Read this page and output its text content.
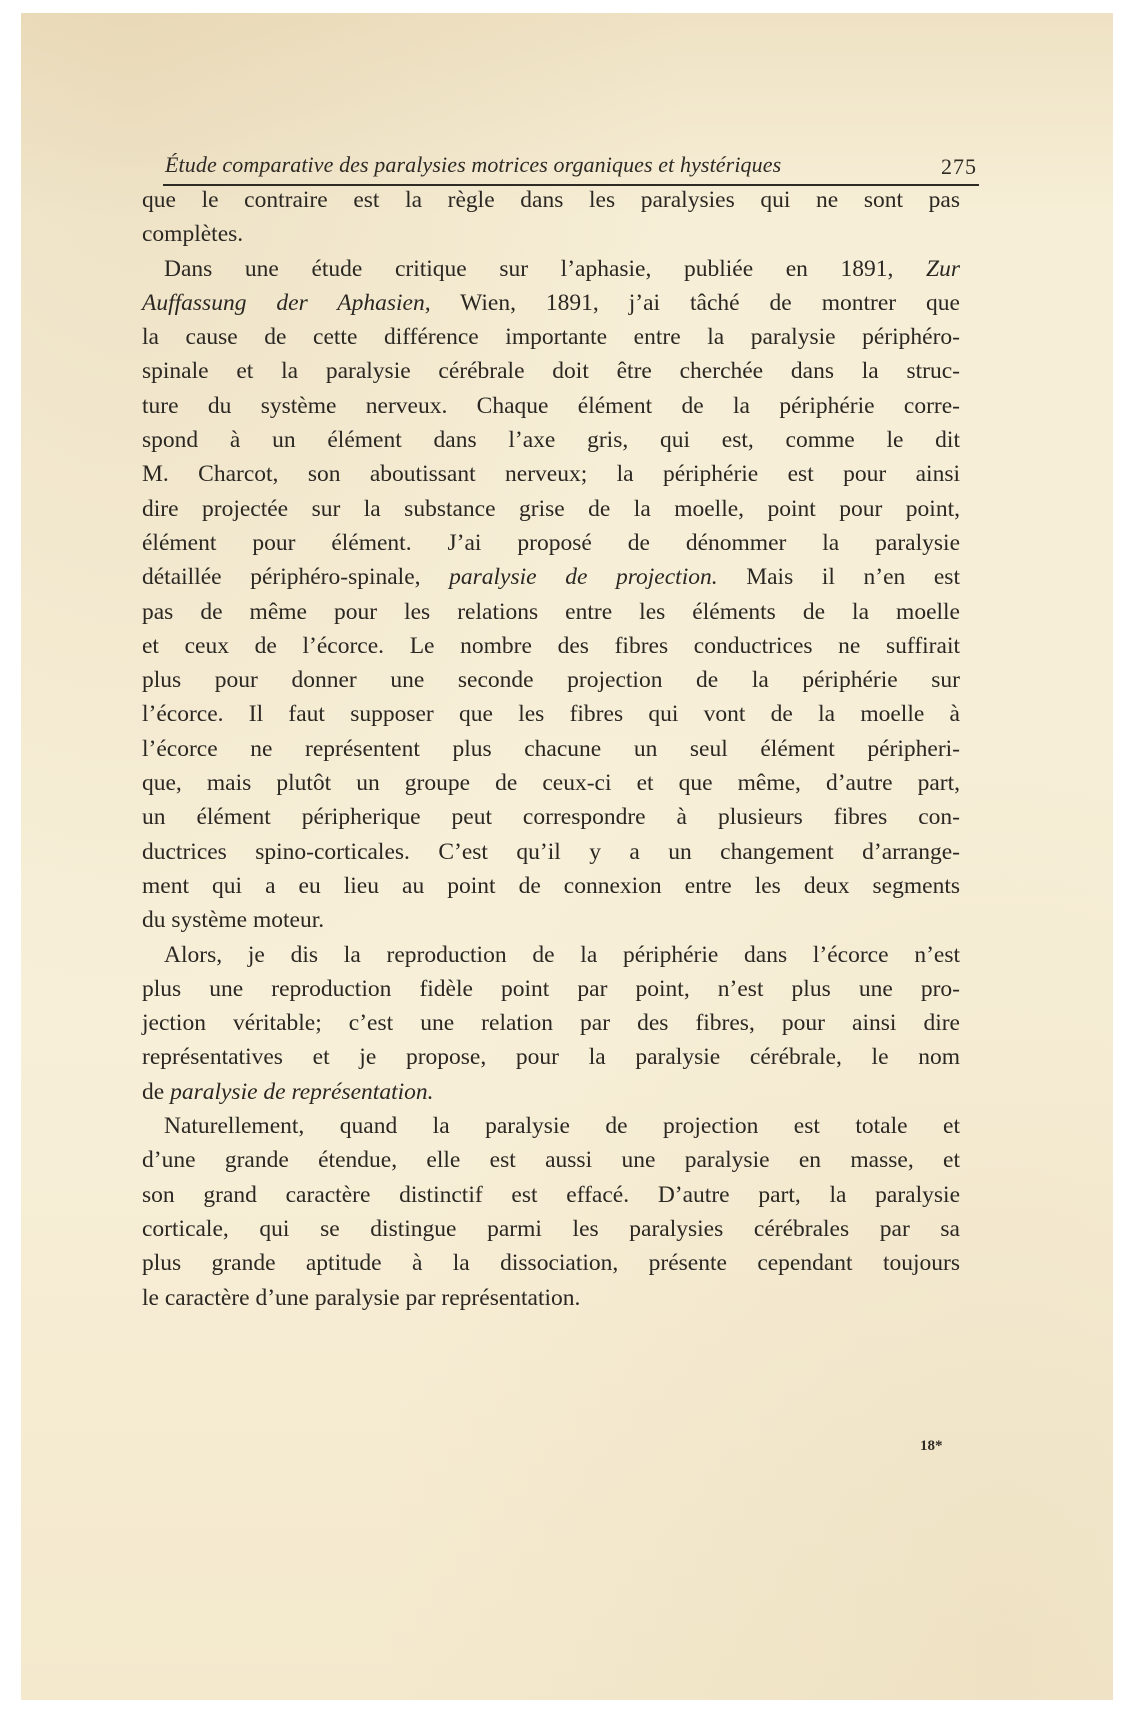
Étude comparative des paralysies motrices organiques et hystériques	275
que le contraire est la règle dans les paralysies qui ne sont pas
complètes.
Dans une étude critique sur l’aphasie, publiée en 1891, Zur
Auffassung der Aphasien, Wien, 1891, j’ai tâché de montrer que
la cause de cette différence importante entre la paralysie périphéro-
spinale et la paralysie cérébrale doit être cherchée dans la struc-
ture du système nerveux. Chaque élément de la périphérie corre-
spond à un élément dans l’axe gris, qui est, comme le dit
M. Charcot, son aboutissant nerveux; la périphérie est pour ainsi
dire projectée sur la substance grise de la moelle, point pour point,
élément pour élément. J’ai proposé de dénommer la paralysie
détaillée périphéro-spinale, paralysie de projection. Mais il n’en est
pas de même pour les relations entre les éléments de la moelle
et ceux de l’écorce. Le nombre des fibres conductrices ne suffirait
plus pour donner une seconde projection de la périphérie sur
l’écorce. Il faut supposer que les fibres qui vont de la moelle à
l’écorce ne représentent plus chacune un seul élément péripheri-
que, mais plutôt un groupe de ceux-ci et que même, d’autre part,
un élément péripherique peut correspondre à plusieurs fibres con-
ductrices spino-corticales. C’est qu’il y a un changement d’arrange-
ment qui a eu lieu au point de connexion entre les deux segments
du système moteur.
Alors, je dis la reproduction de la périphérie dans l’écorce n’est
plus une reproduction fidèle point par point, n’est plus une pro-
jection véritable; c’est une relation par des fibres, pour ainsi dire
représentatives et je propose, pour la paralysie cérébrale, le nom
de paralysie de représentation.
Naturellement, quand la paralysie de projection est totale et
d’une grande étendue, elle est aussi une paralysie en masse, et
son grand caractère distinctif est effacé. D’autre part, la paralysie
corticale, qui se distingue parmi les paralysies cérébrales par sa
plus grande aptitude à la dissociation, présente cependant toujours
le caractère d’une paralysie par représentation.
18*
